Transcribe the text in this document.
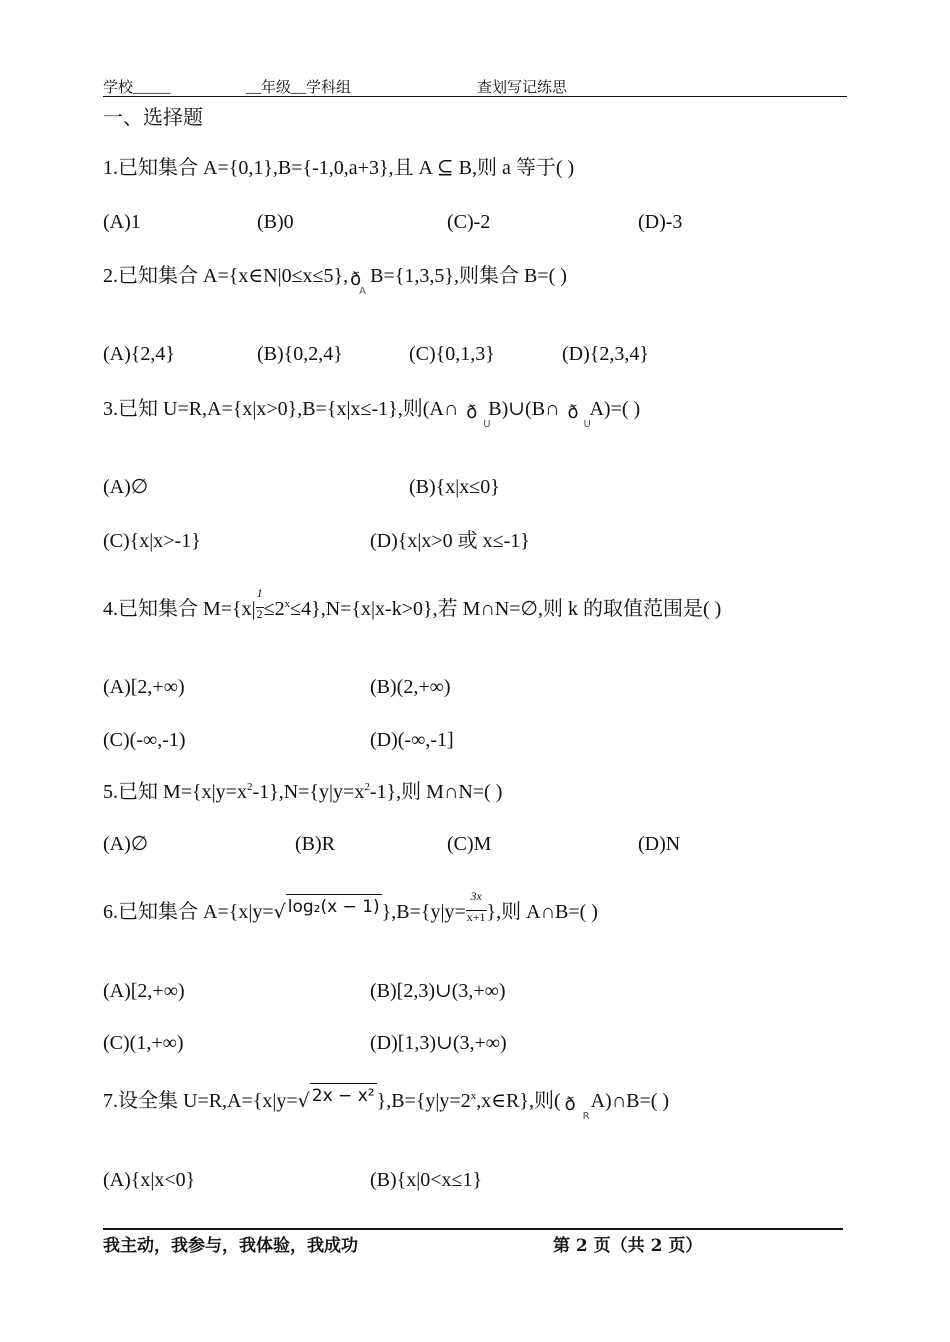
学校_____	__年级__学科组	查划写记练思
一、选择题
1.已知集合 A={0,1},B={-1,0,a+3},且 A ⊆ B,则 a 等于( )
(A)1	(B)0	(C)-2	(D)-3
2.已知集合 A={x∈N|0≤x≤5}, ð
A
B={1,3,5},则集合 B=( )
(A){2,4}	(B){0,2,4}	(C){0,1,3}	(D){2,3,4}
3.已知 U=R,A={x|x>0},B={x|x≤-1},则(A∩ ð
U
B)∪(B∩ ð
U
A)=( )
(A)∅	(B){x|x≤0}
(C){x|x>-1}	(D){x|x>0 或 x≤-1}
4.已知集合 $M=\{x| \frac{1}{2}\le 2^x\le 4\},N=\{x|x-k>0\}$,若 M∩N=∅,则 k 的取值范围是( )
(A)[2,+∞)	(B)(2,+∞)
(C)(-∞,-1)	(D)(-∞,-1]
5.已知 $M=\{x|y=x^2-1\},N=\{y|y=x^2-1\}$,则 M∩N=( )
(A)∅	(B)R	(C)M	(D)N
6.已知集合 A={x|y=√ log₂(x − 1) }$,B=\{y|y= \frac{3x}{x+1}\}$,则 A∩B=( )
(A)[2,+∞)	(B)[2,3)∪(3,+∞)
(C)(1,+∞)	(D)[1,3)∪(3,+∞)
7.设全集 U=R,A={x|y=√ 2x − x² }$,B=\{y|y=2^x,x\in R\}$,则( ð
R
A)∩B=( )
(A){x|x<0}	(B){x|0<x≤1}
我主动，我参与，我体验，我成功	第 2 页（共 2 页）
